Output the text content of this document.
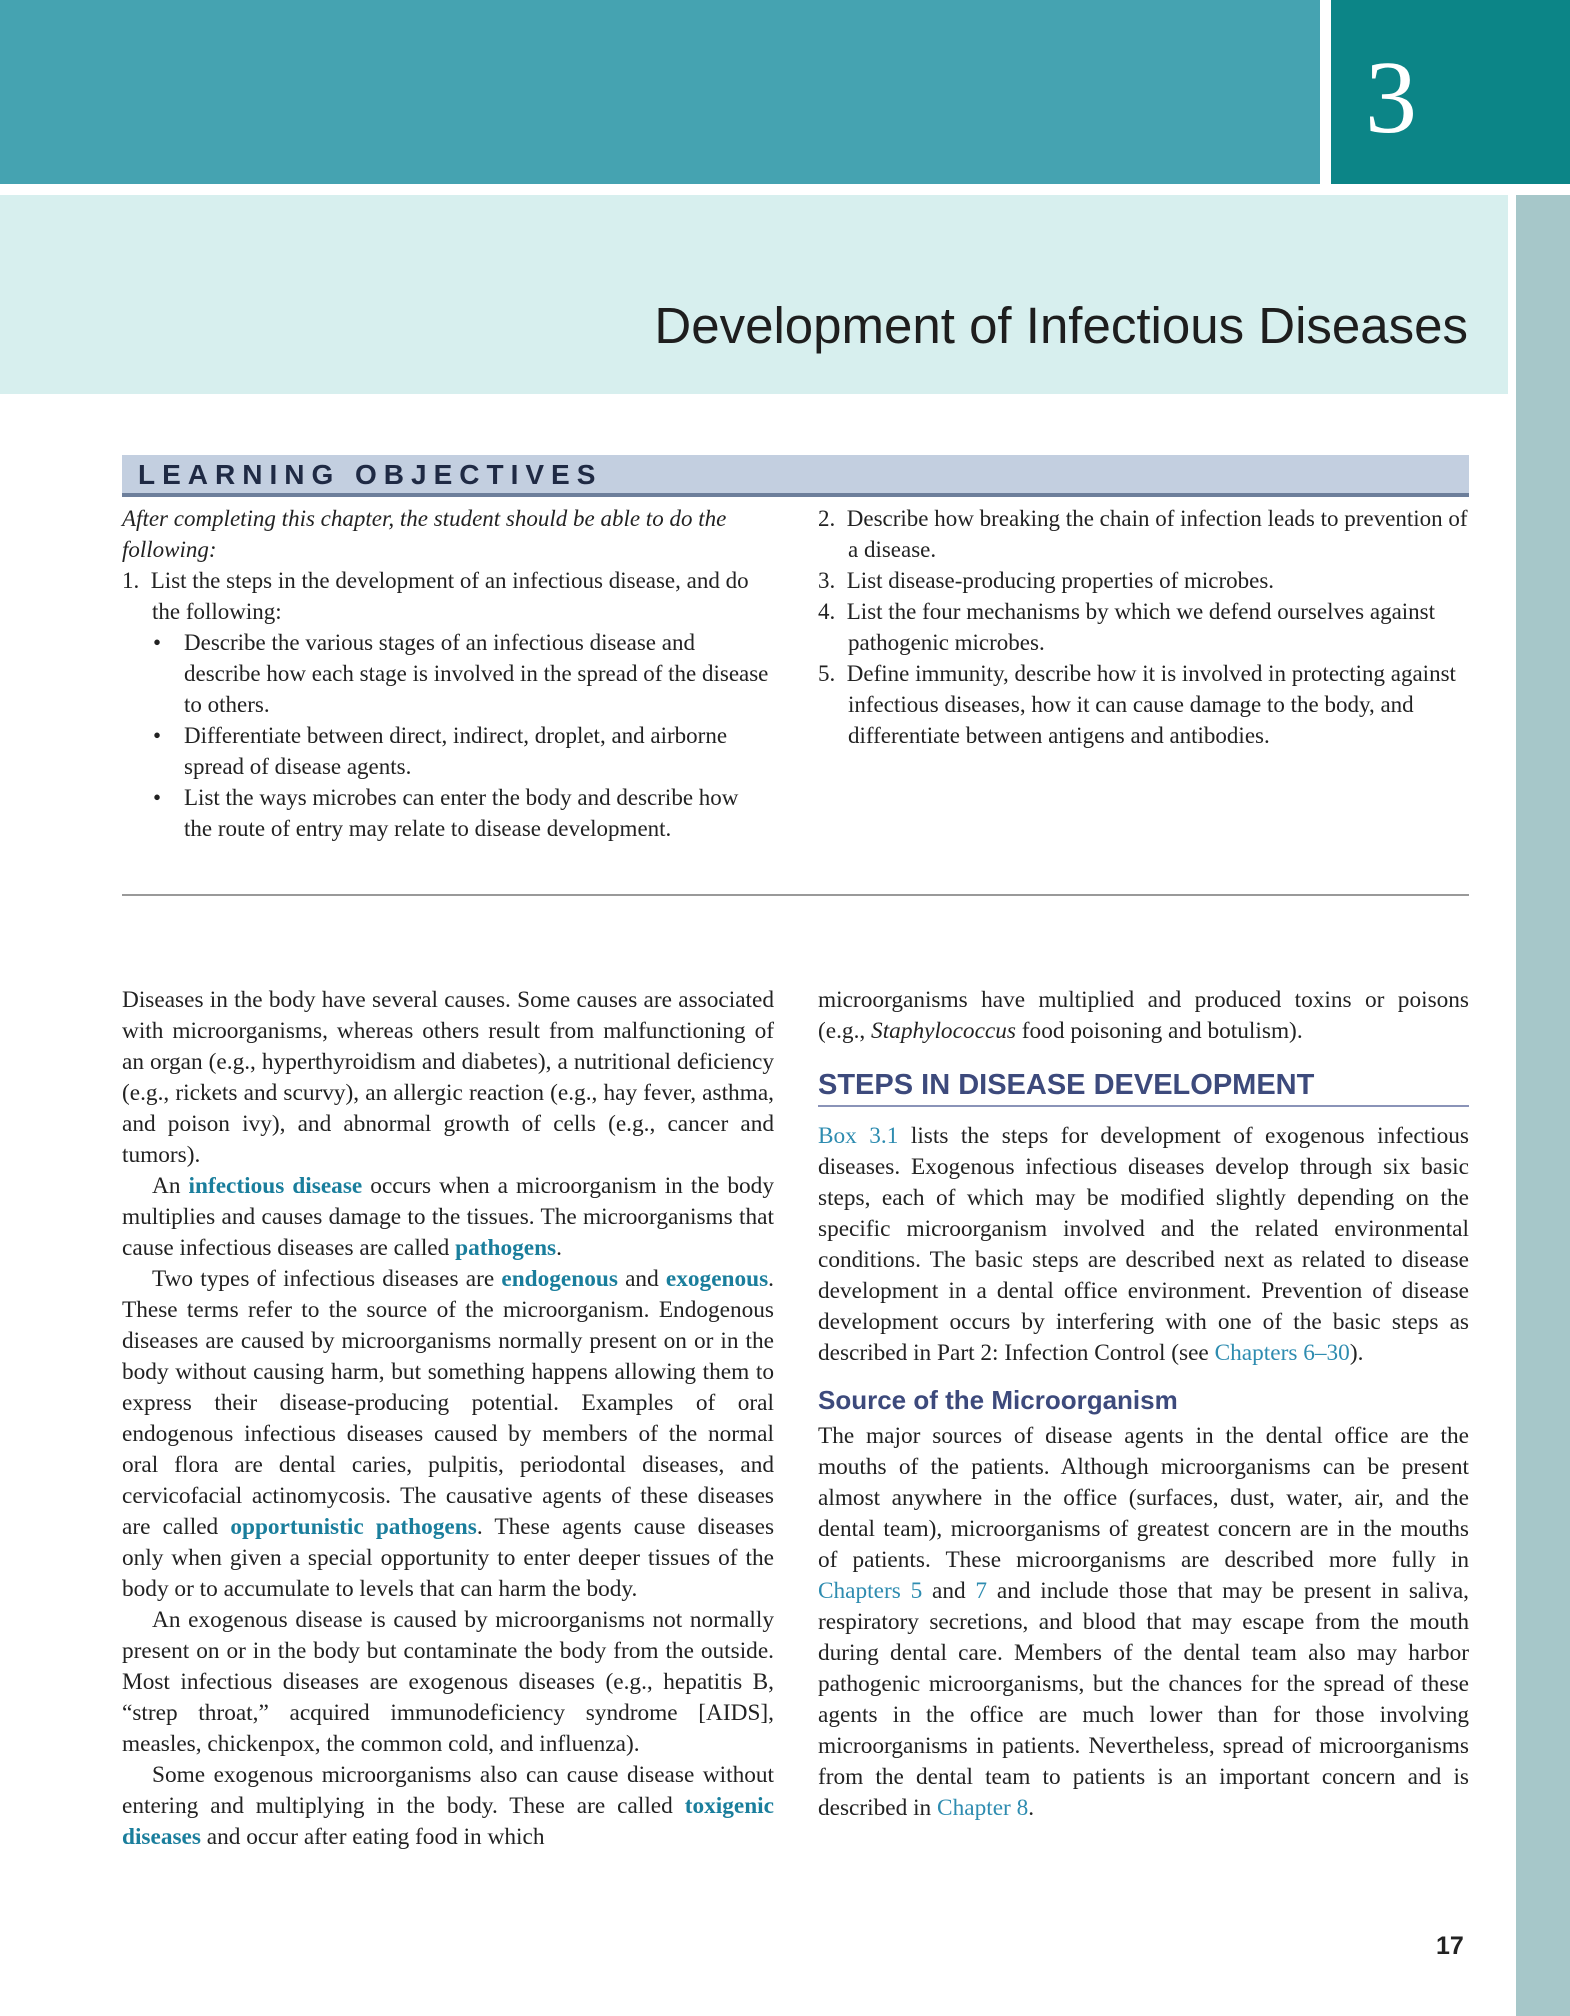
3
Development of Infectious Diseases
LEARNING OBJECTIVES

After completing this chapter, the student should be able to do the following:

1.  List the steps in the development of an infectious disease, and do the following:

• Describe the various stages of an infectious disease and describe how each stage is involved in the spread of the disease to others.

• Differentiate between direct, indirect, droplet, and airborne spread of disease agents.

• List the ways microbes can enter the body and describe how the route of entry may relate to disease development.

2.  Describe how breaking the chain of infection leads to prevention of a disease.

3.  List disease-producing properties of microbes.

4.  List the four mechanisms by which we defend ourselves against pathogenic microbes.

5.  Define immunity, describe how it is involved in protecting against infectious diseases, how it can cause damage to the body, and differentiate between antigens and antibodies.

Diseases in the body have several causes. Some causes are associated with microorganisms, whereas others result from malfunctioning of an organ (e.g., hyperthyroidism and diabetes), a nutritional deficiency (e.g., rickets and scurvy), an allergic reaction (e.g., hay fever, asthma, and poison ivy), and abnormal growth of cells (e.g., cancer and tumors).

An infectious disease occurs when a microorganism in the body multiplies and causes damage to the tissues. The microorganisms that cause infectious diseases are called pathogens.

Two types of infectious diseases are endogenous and exogenous. These terms refer to the source of the microorganism. Endogenous diseases are caused by microorganisms normally present on or in the body without causing harm, but something happens allowing them to express their disease-producing potential. Examples of oral endogenous infectious diseases caused by members of the normal oral flora are dental caries, pulpitis, periodontal diseases, and cervicofacial actinomycosis. The causative agents of these diseases are called opportunistic pathogens. These agents cause diseases only when given a special opportunity to enter deeper tissues of the body or to accumulate to levels that can harm the body.

An exogenous disease is caused by microorganisms not normally present on or in the body but contaminate the body from the outside. Most infectious diseases are exogenous diseases (e.g., hepatitis B, “strep throat,” acquired immunodeficiency syndrome [AIDS], measles, chickenpox, the common cold, and influenza).

Some exogenous microorganisms also can cause disease without entering and multiplying in the body. These are called toxigenic diseases and occur after eating food in which

microorganisms have multiplied and produced toxins or poisons (e.g., Staphylococcus food poisoning and botulism).

STEPS IN DISEASE DEVELOPMENT

Box 3.1 lists the steps for development of exogenous infectious diseases. Exogenous infectious diseases develop through six basic steps, each of which may be modified slightly depending on the specific microorganism involved and the related environmental conditions. The basic steps are described next as related to disease development in a dental office environment. Prevention of disease development occurs by interfering with one of the basic steps as described in Part 2: Infection Control (see Chapters 6–30).

Source of the Microorganism

The major sources of disease agents in the dental office are the mouths of the patients. Although microorganisms can be present almost anywhere in the office (surfaces, dust, water, air, and the dental team), microorganisms of greatest concern are in the mouths of patients. These microorganisms are described more fully in Chapters 5 and 7 and include those that may be present in saliva, respiratory secretions, and blood that may escape from the mouth during dental care. Members of the dental team also may harbor pathogenic microorganisms, but the chances for the spread of these agents in the office are much lower than for those involving microorganisms in patients. Nevertheless, spread of microorganisms from the dental team to patients is an important concern and is described in Chapter 8.

17
